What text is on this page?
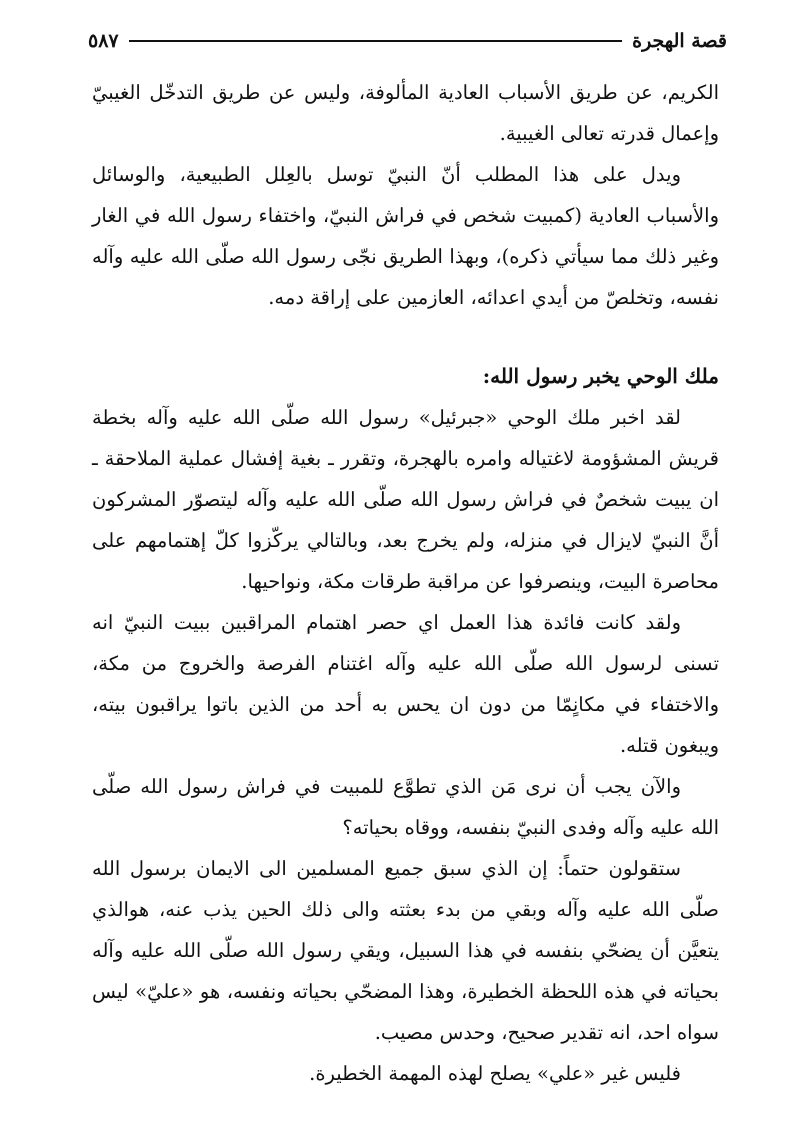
قصة الهجرة
٥٨٧

الكريم، عن طريق الأسباب العادية المألوفة، وليس عن طريق التدخّل الغيبيّ وإعمال قدرته تعالى الغيبية.

ويدل على هذا المطلب أنّ النبيّ توسل بالعِلل الطبيعية، والوسائل والأسباب العادية (كمبيت شخص في فراش النبيّ، واختفاء رسول الله في الغار وغير ذلك مما سيأتي ذكره)، وبهذا الطريق نجّى رسول الله صلّى الله عليه وآله نفسه، وتخلصّ من أيدي اعدائه، العازمين على إراقة دمه.

ملك الوحي يخبر رسول الله:

لقد اخبر ملك الوحي «جبرئيل» رسول الله صلّى الله عليه وآله بخطة قريش المشؤومة لاغتياله وامره بالهجرة، وتقرر ـ بغية إفشال عملية الملاحقة ـ ان يبيت شخصٌ في فراش رسول الله صلّى الله عليه وآله ليتصوّر المشركون أنَّ النبيّ لايزال في منزله، ولم يخرج بعد، وبالتالي يركّزوا كلّ إهتمامهم على محاصرة البيت، وينصرفوا عن مراقبة طرقات مكة، ونواحيها.

ولقد كانت فائدة هذا العمل اي حصر اهتمام المراقبين ببيت النبيّ انه تسنى لرسول الله صلّى الله عليه وآله اغتنام الفرصة والخروج من مكة، والاختفاء في مكانٍمّا من دون ان يحس به أحد من الذين باتوا يراقبون بيته، ويبغون قتله.

والآن يجب أن نرى مَن الذي تطوَّع للمبيت في فراش رسول الله صلّى الله عليه وآله وفدى النبيّ بنفسه، ووقاه بحياته؟

ستقولون حتماً: إن الذي سبق جميع المسلمين الى الايمان برسول الله صلّى الله عليه وآله وبقي من بدء بعثته والى ذلك الحين يذب عنه، هوالذي يتعيَّن أن يضحّي بنفسه في هذا السبيل، ويقي رسول الله صلّى الله عليه وآله بحياته في هذه اللحظة الخطيرة، وهذا المضحّي بحياته ونفسه، هو «عليّ» ليس سواه احد، انه تقدير صحيح، وحدس مصيب.

فليس غير «علي» يصلح لهذه المهمة الخطيرة.
